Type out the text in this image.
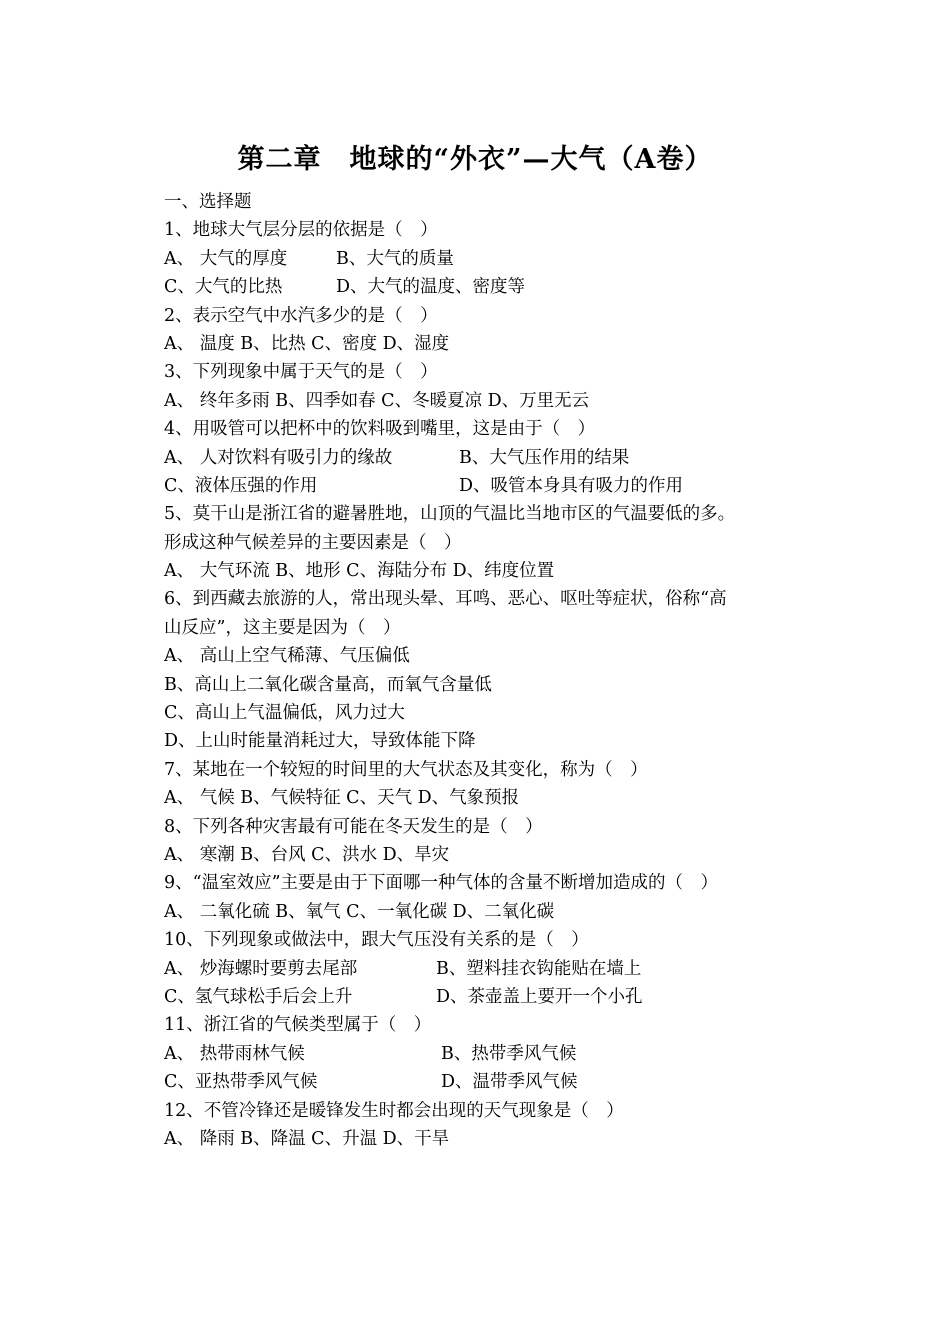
第二章　地球的“外衣”—大气（A卷）
一、选择题
1、地球大气层分层的依据是（　）
A、 大气的厚度	B、大气的质量
C、大气的比热	D、大气的温度、密度等
2、表示空气中水汽多少的是（　）
A、 温度 B、比热 C、密度 D、湿度
3、下列现象中属于天气的是（　）
A、 终年多雨 B、四季如春 C、冬暖夏凉 D、万里无云
4、用吸管可以把杯中的饮料吸到嘴里，这是由于（　）
A、 人对饮料有吸引力的缘故	B、大气压作用的结果
C、液体压强的作用	D、吸管本身具有吸力的作用
5、莫干山是浙江省的避暑胜地，山顶的气温比当地市区的气温要低的多。
形成这种气候差异的主要因素是（　）
A、 大气环流 B、地形 C、海陆分布 D、纬度位置
6、到西藏去旅游的人，常出现头晕、耳鸣、恶心、呕吐等症状，俗称“高
山反应”，这主要是因为（　）
A、 高山上空气稀薄、气压偏低
B、高山上二氧化碳含量高，而氧气含量低
C、高山上气温偏低，风力过大
D、上山时能量消耗过大，导致体能下降
7、某地在一个较短的时间里的大气状态及其变化，称为（　）
A、 气候 B、气候特征 C、天气 D、气象预报
8、下列各种灾害最有可能在冬天发生的是（　）
A、 寒潮 B、台风 C、洪水 D、旱灾
9、“温室效应”主要是由于下面哪一种气体的含量不断增加造成的（　）
A、 二氧化硫 B、氧气 C、一氧化碳 D、二氧化碳
10、下列现象或做法中，跟大气压没有关系的是（　）
A、 炒海螺时要剪去尾部	B、塑料挂衣钩能贴在墙上
C、氢气球松手后会上升	D、茶壶盖上要开一个小孔
11、浙江省的气候类型属于（　）
A、 热带雨林气候	B、热带季风气候
C、亚热带季风气候	D、温带季风气候
12、不管冷锋还是暖锋发生时都会出现的天气现象是（　）
A、 降雨 B、降温 C、升温 D、干旱
